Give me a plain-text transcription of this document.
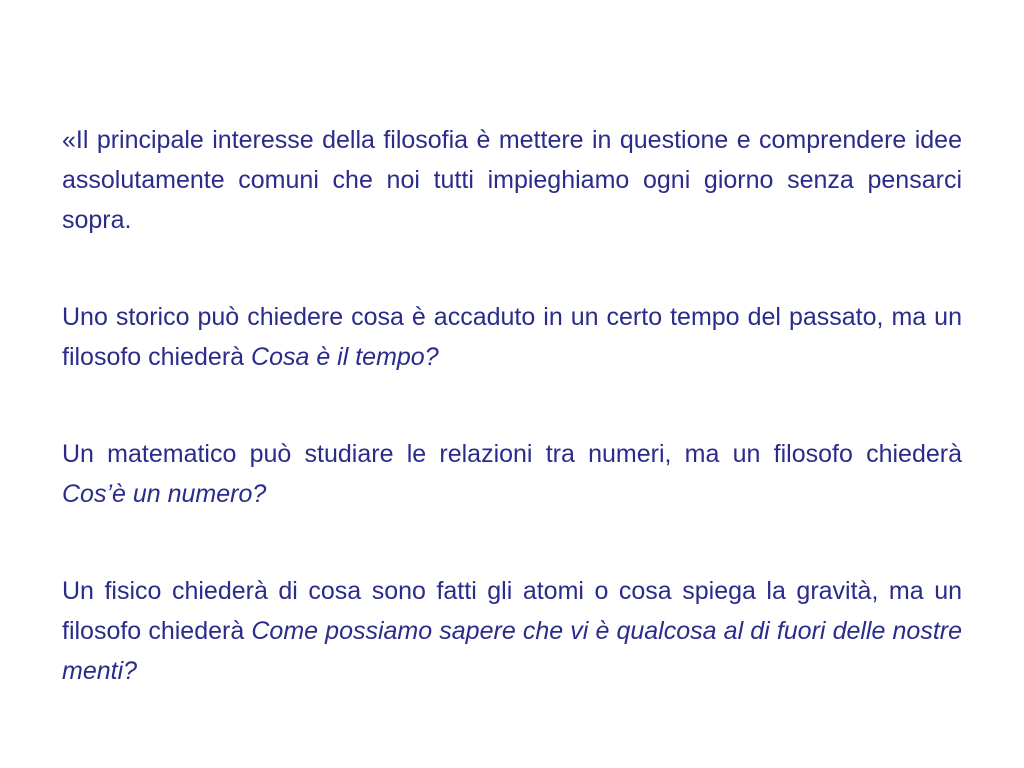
«Il principale interesse della filosofia è mettere in questione e comprendere idee assolutamente comuni che noi tutti impieghiamo ogni giorno senza pensarci sopra.

Uno storico può chiedere cosa è accaduto in un certo tempo del passato, ma un filosofo chiederà Cosa è il tempo?

Un matematico può studiare le relazioni tra numeri, ma un filosofo chiederà Cos’è un numero?

Un fisico chiederà di cosa sono fatti gli atomi o cosa spiega la gravità, ma un filosofo chiederà Come possiamo sapere che vi è qualcosa al di fuori delle nostre menti?
